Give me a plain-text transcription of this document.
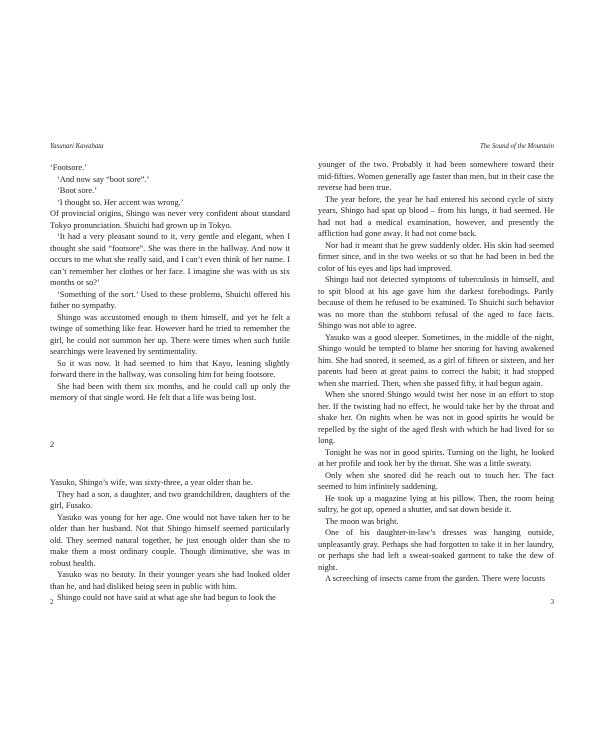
Yasunari Kawabata

‘Footsore.’

‘And now say “boot sore”.’

‘Boot sore.’

‘I thought so. Her accent was wrong.’

Of provincial origins, Shingo was never very confident about standard Tokyo pronunciation. Shuichi had grown up in Tokyo.

‘It had a very pleasant sound to it, very gentle and elegant, when I thought she said “footsore”. She was there in the hallway. And now it occurs to me what she really said, and I can’t even think of her name. I can’t remember her clothes or her face. I imagine she was with us six months or so?’

‘Something of the sort.’ Used to these problems, Shuichi offered his father no sympathy.

Shingo was accustomed enough to them himself, and yet he felt a twinge of something like fear. However hard he tried to remember the girl, he could not summon her up. There were times when such futile searchings were leavened by sentimentality.

So it was now. It had seemed to him that Kayo, leaning slightly forward there in the hallway, was consoling him for being footsore.

She had been with them six months, and he could call up only the memory of that single word. He felt that a life was being lost.

2

Yasuko, Shingo’s wife, was sixty-three, a year older than he.

They had a son, a daughter, and two grandchildren, daughters of the girl, Fusako.

Yasuko was young for her age. One would not have taken her to be older than her husband. Not that Shingo himself seemed particularly old. They seemed natural together, he just enough older than she to make them a most ordinary couple. Though diminutive, she was in robust health.

Yasuko was no beauty. In their younger years she had looked older than he, and had disliked being seen in public with him.

Shingo could not have said at what age she had begun to look the

2
The Sound of the Mountain

younger of the two. Probably it had been somewhere toward their mid-fifties. Women generally age faster than men, but in their case the reverse had been true.

The year before, the year he had entered his second cycle of sixty years, Shingo had spat up blood – from his lungs, it had seemed. He had not had a medical examination, however, and presently the affliction had gone away. It had not come back.

Nor had it meant that he grew suddenly older. His skin had seemed firmer since, and in the two weeks or so that he had been in bed the color of his eyes and lips had improved.

Shingo had not detected symptoms of tuberculosis in himself, and to spit blood at his age gave him the darkest forebodings. Partly because of them he refused to be examined. To Shuichi such behavior was no more than the stubborn refusal of the aged to face facts. Shingo was not able to agree.

Yasuko was a good sleeper. Sometimes, in the middle of the night, Shingo would be tempted to blame her snoring for having awakened him. She had snored, it seemed, as a girl of fifteen or sixteen, and her parents had been at great pains to correct the habit; it had stopped when she married. Then, when she passed fifty, it had begun again.

When she snored Shingo would twist her nose in an effort to stop her. If the twisting had no effect, he would take her by the throat and shake her. On nights when he was not in good spirits he would be repelled by the sight of the aged flesh with which he had lived for so long.

Tonight he was not in good spirits. Turning on the light, he looked at her profile and took her by the throat. She was a little sweaty.

Only when she snored did he reach out to touch her. The fact seemed to him infinitely saddening.

He took up a magazine lying at his pillow. Then, the room being sultry, he got up, opened a shutter, and sat down beside it.

The moon was bright.

One of his daughter-in-law’s dresses was hanging outside, unpleasantly gray. Perhaps she had forgotten to take it in her laundry, or perhaps she had left a sweat-soaked garment to take the dew of night.

A screeching of insects came from the garden. There were locusts

3
